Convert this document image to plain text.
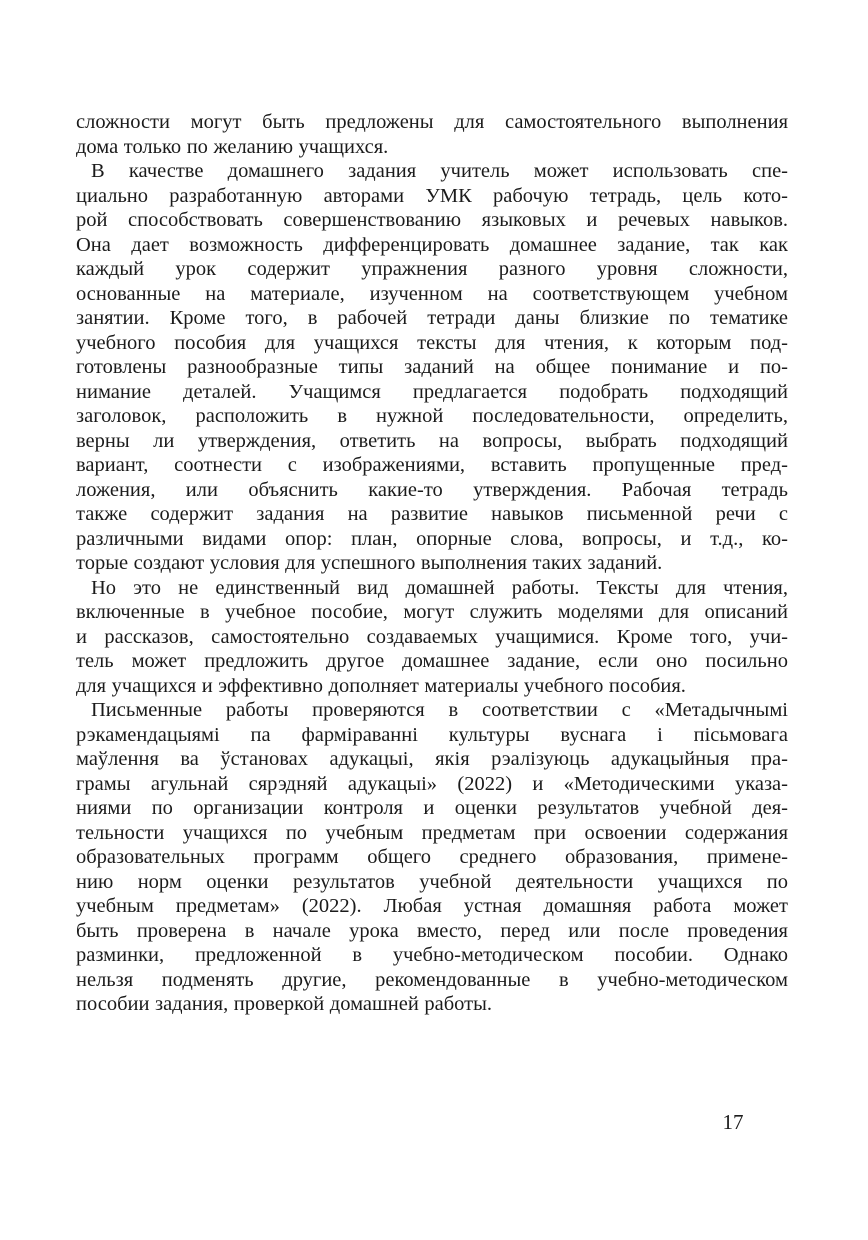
сложности могут быть предложены для самостоятельного выполнения
дома только по желанию учащихся.
В качестве домашнего задания учитель может использовать спе-
циально разработанную авторами УМК рабочую тетрадь, цель кото-
рой способствовать совершенствованию языковых и речевых навыков.
Она дает возможность дифференцировать домашнее задание, так как
каждый урок содержит упражнения разного уровня сложности,
основанные на материале, изученном на соответствующем учебном
занятии. Кроме того, в рабочей тетради даны близкие по тематике
учебного пособия для учащихся тексты для чтения, к которым под-
готовлены разнообразные типы заданий на общее понимание и по-
нимание деталей. Учащимся предлагается подобрать подходящий
заголовок, расположить в нужной последовательности, определить,
верны ли утверждения, ответить на вопросы, выбрать подходящий
вариант, соотнести с изображениями, вставить пропущенные пред-
ложения, или объяснить какие-то утверждения. Рабочая тетрадь
также содержит задания на развитие навыков письменной речи с
различными видами опор: план, опорные слова, вопросы, и т.д., ко-
торые создают условия для успешного выполнения таких заданий.
Но это не единственный вид домашней работы. Тексты для чтения,
включенные в учебное пособие, могут служить моделями для описаний
и рассказов, самостоятельно создаваемых учащимися. Кроме того, учи-
тель может предложить другое домашнее задание, если оно посильно
для учащихся и эффективно дополняет материалы учебного пособия.
Письменные работы проверяются в соответствии с «Метадычнымі
рэкамендацыямі па фарміраванні культуры вуснага і пісьмовага
маўлення ва ўстановах адукацыі, якія рэалізуюць адукацыйныя пра-
грамы агульнай сярэдняй адукацыі» (2022) и «Методическими указа-
ниями по организации контроля и оценки результатов учебной дея-
тельности учащихся по учебным предметам при освоении содержания
образовательных программ общего среднего образования, примене-
нию норм оценки результатов учебной деятельности учащихся по
учебным предметам» (2022). Любая устная домашняя работа может
быть проверена в начале урока вместо, перед или после проведения
разминки, предложенной в учебно-методическом пособии. Однако
нельзя подменять другие, рекомендованные в учебно-методическом
пособии задания, проверкой домашней работы.
17
